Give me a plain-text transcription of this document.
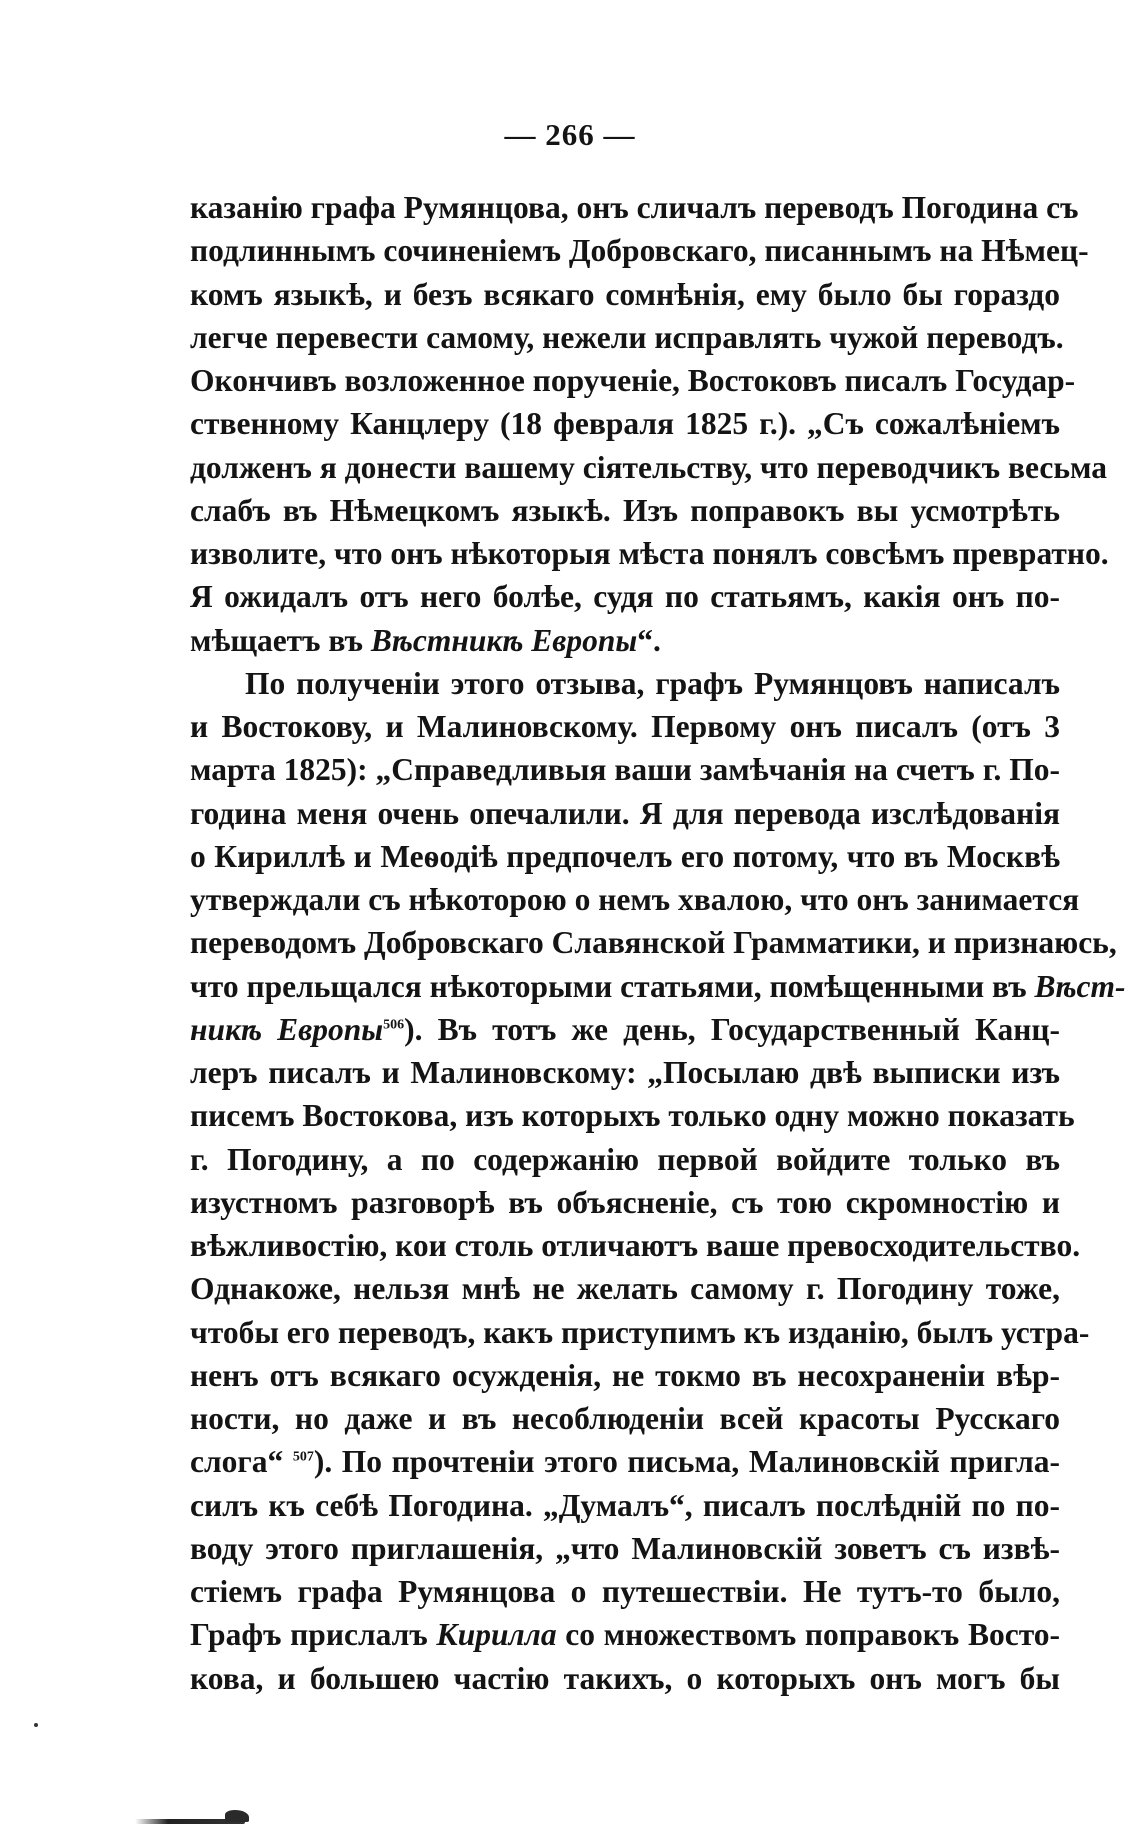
— 266 —
казанію графа Румянцова, онъ сличалъ переводъ Погодина съ
подлиннымъ сочиненіемъ Добровскаго, писаннымъ на Нѣмец-
комъ языкѣ, и безъ всякаго сомнѣнія, ему было бы гораздо
легче перевести самому, нежели исправлять чужой переводъ.
Окончивъ возложенное порученіе, Востоковъ писалъ Государ-
ственному Канцлеру (18 февраля 1825 г.). „Съ сожалѣніемъ
долженъ я донести вашему сіятельству, что переводчикъ весьма
слабъ въ Нѣмецкомъ языкѣ. Изъ поправокъ вы усмотрѣть
изволите, что онъ нѣкоторыя мѣста понялъ совсѣмъ превратно.
Я ожидалъ отъ него болѣе, судя по статьямъ, какія онъ по-
мѣщаетъ въ Вѣстникѣ Европы“.
По полученіи этого отзыва, графъ Румянцовъ написалъ
и Востокову, и Малиновскому. Первому онъ писалъ (отъ 3
марта 1825): „Справедливыя ваши замѣчанія на счетъ г. По-
година меня очень опечалили. Я для перевода изслѣдованія
о Кириллѣ и Меѳодіѣ предпочелъ его потому, что въ Москвѣ
утверждали съ нѣкоторою о немъ хвалою, что онъ занимается
переводомъ Добровскаго Славянской Грамматики, и признаюсь,
что прельщался нѣкоторыми статьями, помѣщенными въ Вѣст-
никѣ Европы$^{506}$). Въ тотъ же день, Государственный Канц-
леръ писалъ и Малиновскому: „Посылаю двѣ выписки изъ
писемъ Востокова, изъ которыхъ только одну можно показать
г. Погодину, а по содержанію первой войдите только въ
изустномъ разговорѣ въ объясненіе, съ тою скромностію и
вѣжливостію, кои столь отличаютъ ваше превосходительство.
Однакоже, нельзя мнѣ не желать самому г. Погодину тоже,
чтобы его переводъ, какъ приступимъ къ изданію, былъ устра-
ненъ отъ всякаго осужденія, не токмо въ несохраненіи вѣр-
ности, но даже и въ несоблюденіи всей красоты Русскаго
слога“ $^{507}$). По прочтеніи этого письма, Малиновскій пригла-
силъ къ себѣ Погодина. „Думалъ“, писалъ послѣдній по по-
воду этого приглашенія, „что Малиновскій зоветъ съ извѣ-
стіемъ графа Румянцова о путешествіи. Не тутъ-то было,
Графъ прислалъ Кирилла со множествомъ поправокъ Восто-
кова, и большею частію такихъ, о которыхъ онъ могъ бы
